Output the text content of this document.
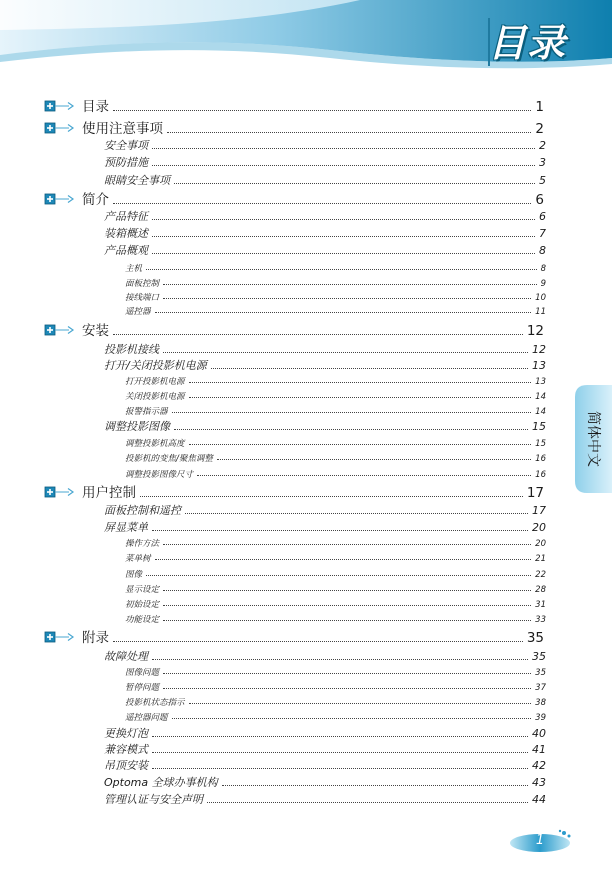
目录
目录	1
使用注意事项	2
安全事项	2
预防措施	3
眼睛安全事项	5
简介	6
产品特征	6
装箱概述	7
产品概观	8
主机	8
面板控制	9
接线端口	10
遥控器	11
安装	12
投影机接线	12
打开/关闭投影机电源	13
打开投影机电源	13
关闭投影机电源	14
报警指示器	14
调整投影图像	15
调整投影机高度	15
投影机的变焦/聚焦调整	16
调整投影图像尺寸	16
用户控制	17
面板控制和遥控	17
屏显菜单	20
操作方法	20
菜单树	21
图像	22
显示设定	28
初始设定	31
功能设定	33
附录	35
故障处理	35
图像问题	35
暂停问题	37
投影机状态指示	38
遥控器问题	39
更换灯泡	40
兼容模式	41
吊顶安装	42
Optoma 全球办事机构	43
管理认证与安全声明	44
简体中文
1
